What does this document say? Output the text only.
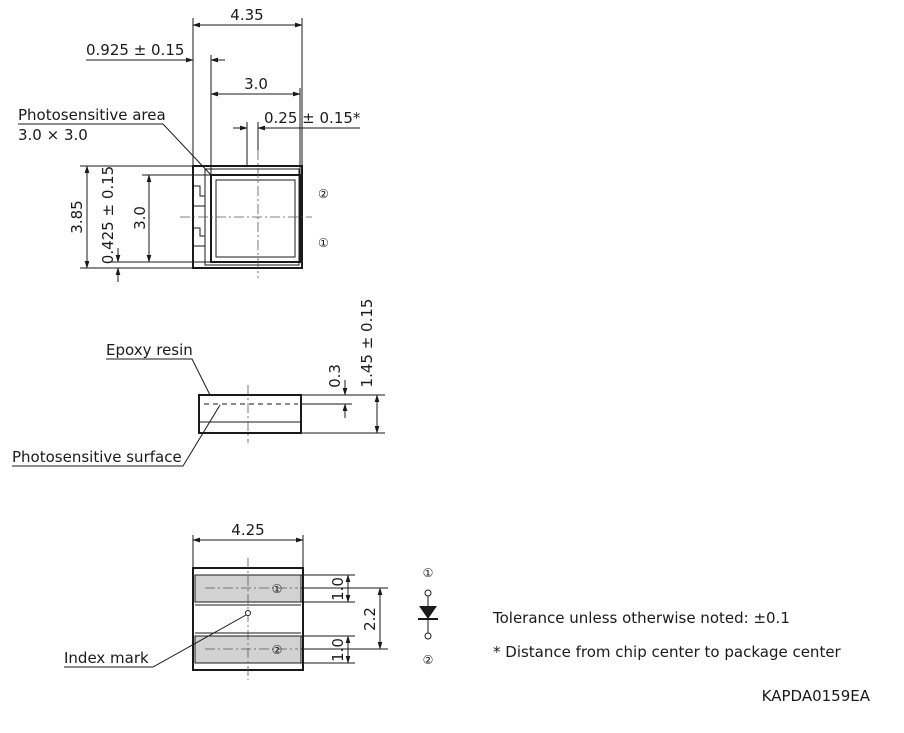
4.35
0.925 ± 0.15
3.0
0.25 ± 0.15*
Photosensitive area
3.0 × 3.0
3.85 0.425 ± 0.15 3.0
②
①
0.3 1.45 ± 0.15
Epoxy resin
Photosensitive surface
①
②
4.25
1.0
1.0
2.2
Index mark
①
②
Tolerance unless otherwise noted: ±0.1
* Distance from chip center to package center
KAPDA0159EA
